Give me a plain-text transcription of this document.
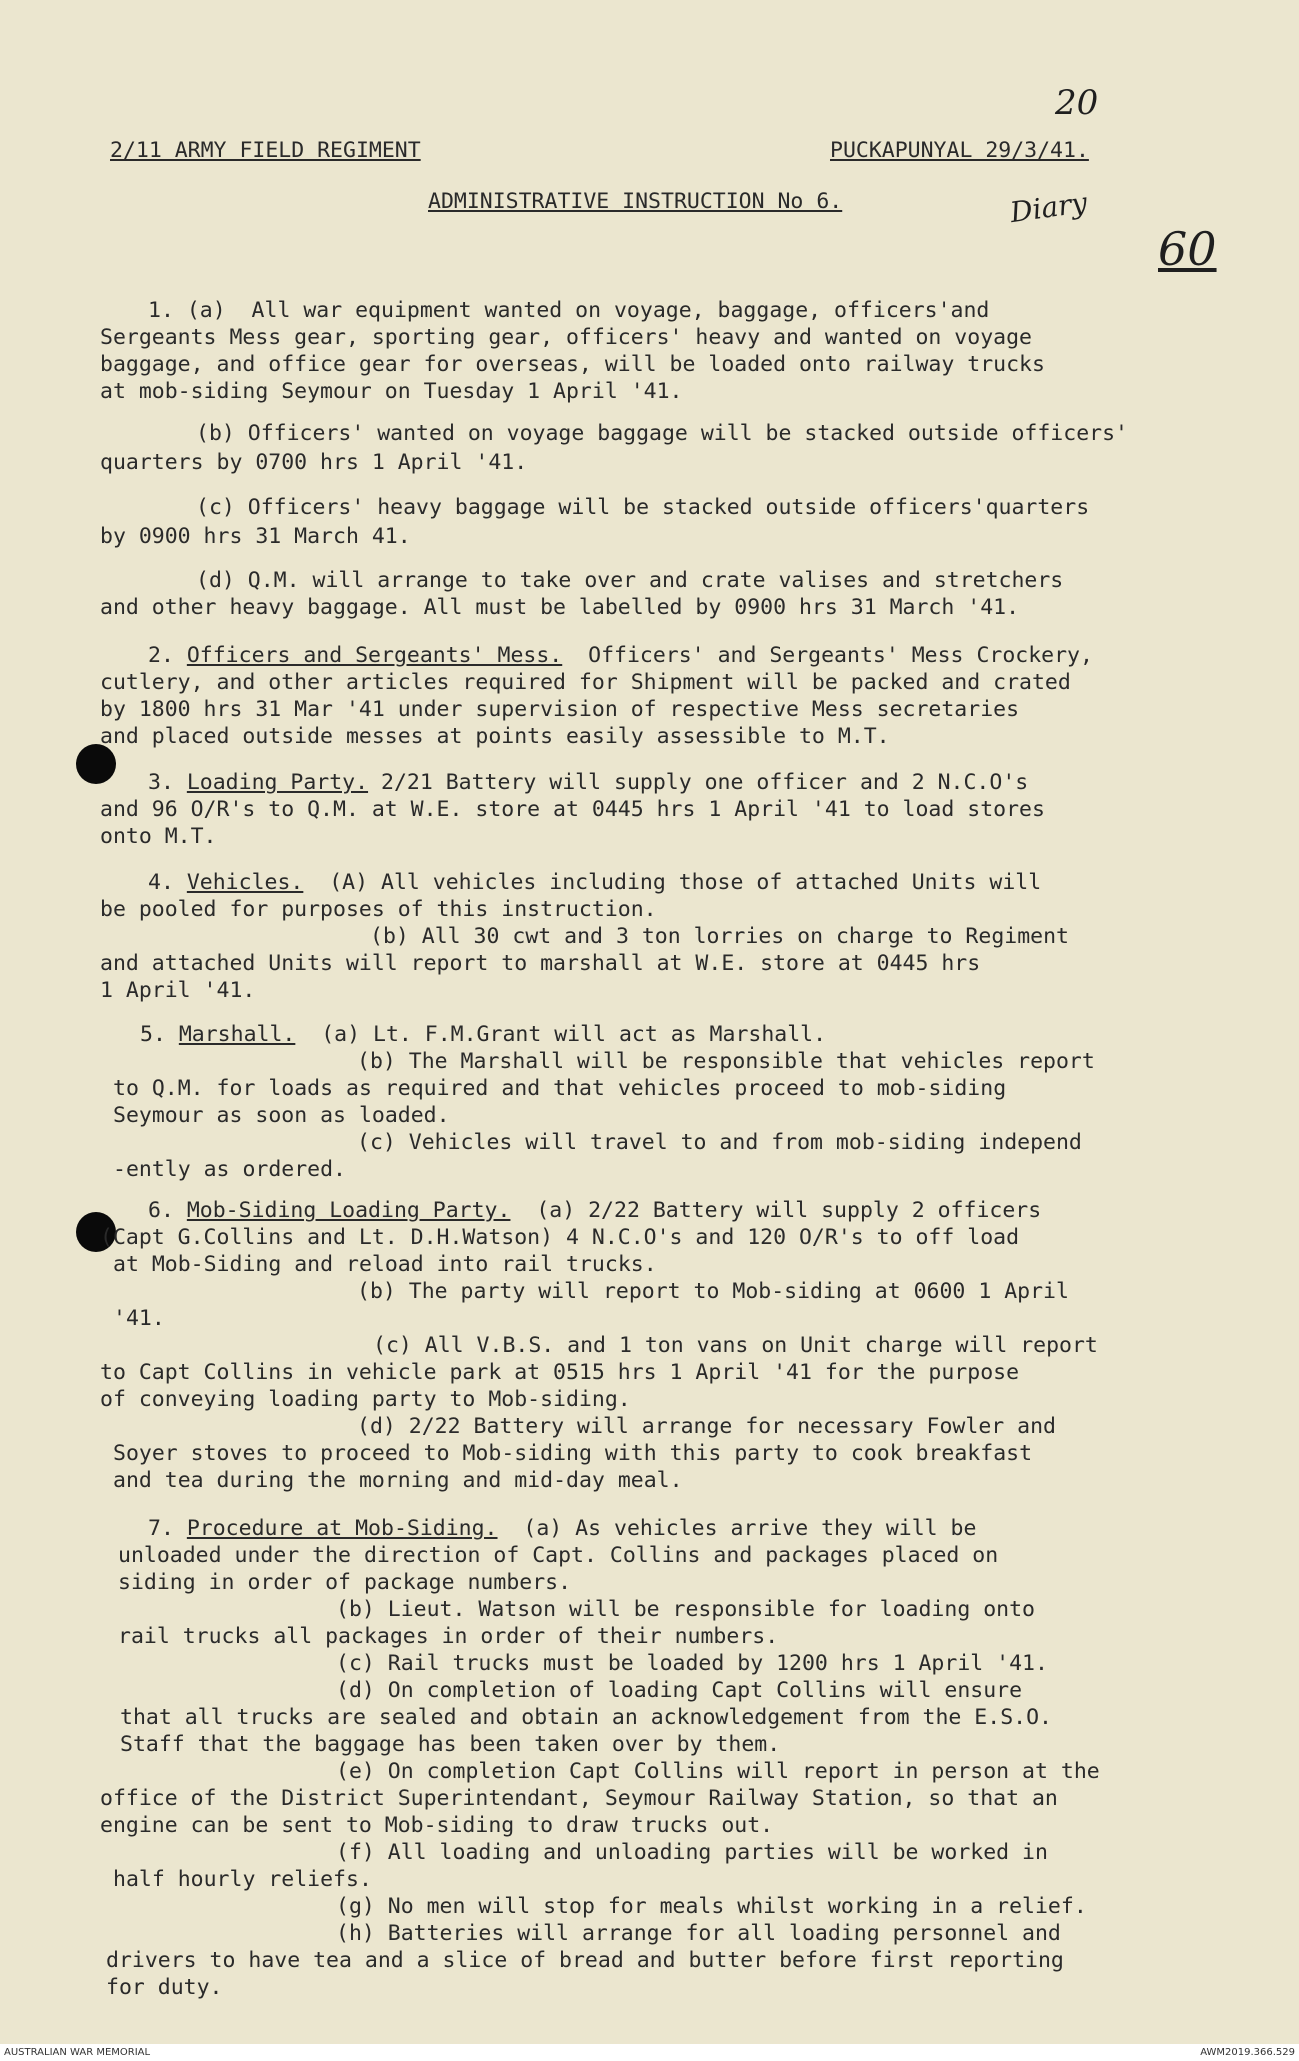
2/11 ARMY FIELD REGIMENT	PUCKAPUNYAL 29/3/41.
ADMINISTRATIVE INSTRUCTION No 6.
20
Diary
60
1. (a)  All war equipment wanted on voyage, baggage, officers'and
Sergeants Mess gear, sporting gear, officers' heavy and wanted on voyage
baggage, and office gear for overseas, will be loaded onto railway trucks
at mob-siding Seymour on Tuesday 1 April '41.
(b) Officers' wanted on voyage baggage will be stacked outside officers'
quarters by 0700 hrs 1 April '41.
(c) Officers' heavy baggage will be stacked outside officers'quarters
by 0900 hrs 31 March 41.
(d) Q.M. will arrange to take over and crate valises and stretchers
and other heavy baggage. All must be labelled by 0900 hrs 31 March '41.
2. Officers and Sergeants' Mess.  Officers' and Sergeants' Mess Crockery,
cutlery, and other articles required for Shipment will be packed and crated
by 1800 hrs 31 Mar '41 under supervision of respective Mess secretaries
and placed outside messes at points easily assessible to M.T.
3. Loading Party. 2/21 Battery will supply one officer and 2 N.C.O's
and 96 O/R's to Q.M. at W.E. store at 0445 hrs 1 April '41 to load stores
onto M.T.
4. Vehicles.  (A) All vehicles including those of attached Units will
be pooled for purposes of this instruction.
(b) All 30 cwt and 3 ton lorries on charge to Regiment
and attached Units will report to marshall at W.E. store at 0445 hrs
1 April '41.
5. Marshall.  (a) Lt. F.M.Grant will act as Marshall.
(b) The Marshall will be responsible that vehicles report
to Q.M. for loads as required and that vehicles proceed to mob-siding
Seymour as soon as loaded.
(c) Vehicles will travel to and from mob-siding independ
-ently as ordered.
6. Mob-Siding Loading Party.  (a) 2/22 Battery will supply 2 officers
(Capt G.Collins and Lt. D.H.Watson) 4 N.C.O's and 120 O/R's to off load
at Mob-Siding and reload into rail trucks.
(b) The party will report to Mob-siding at 0600 1 April
'41.
(c) All V.B.S. and 1 ton vans on Unit charge will report
to Capt Collins in vehicle park at 0515 hrs 1 April '41 for the purpose
of conveying loading party to Mob-siding.
(d) 2/22 Battery will arrange for necessary Fowler and
Soyer stoves to proceed to Mob-siding with this party to cook breakfast
and tea during the morning and mid-day meal.
7. Procedure at Mob-Siding.  (a) As vehicles arrive they will be
unloaded under the direction of Capt. Collins and packages placed on
siding in order of package numbers.
(b) Lieut. Watson will be responsible for loading onto
rail trucks all packages in order of their numbers.
(c) Rail trucks must be loaded by 1200 hrs 1 April '41.
(d) On completion of loading Capt Collins will ensure
that all trucks are sealed and obtain an acknowledgement from the E.S.O.
Staff that the baggage has been taken over by them.
(e) On completion Capt Collins will report in person at the
office of the District Superintendant, Seymour Railway Station, so that an
engine can be sent to Mob-siding to draw trucks out.
(f) All loading and unloading parties will be worked in
half hourly reliefs.
(g) No men will stop for meals whilst working in a relief.
(h) Batteries will arrange for all loading personnel and
drivers to have tea and a slice of bread and butter before first reporting
for duty.
AUSTRALIAN WAR MEMORIAL	AWM2019.366.529
